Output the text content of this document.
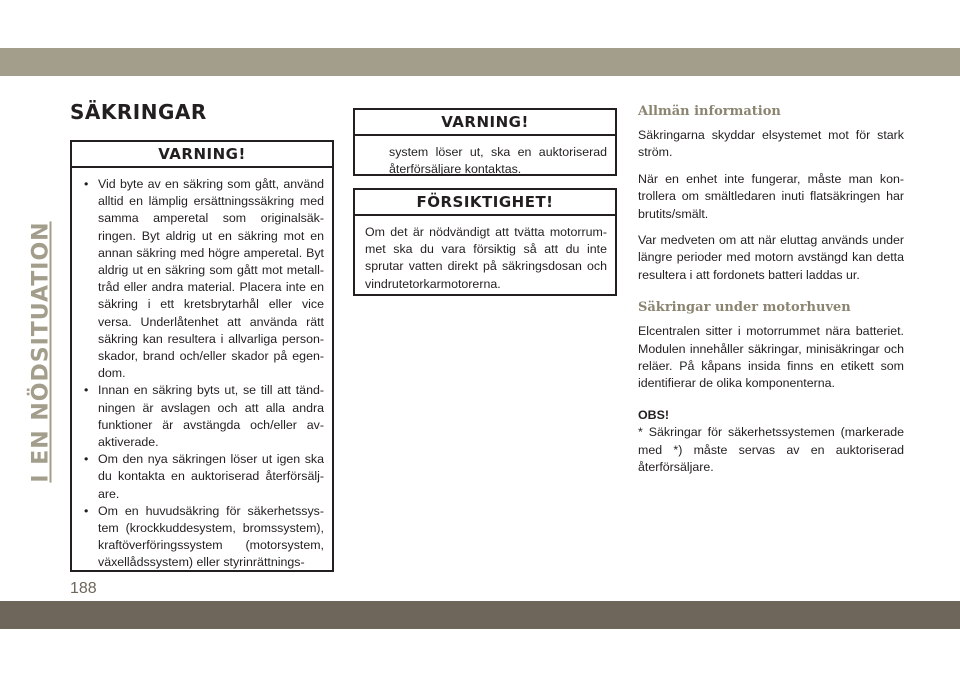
I EN NÖDSITUATION
SÄKRINGAR
VARNING!
• Vid byte av en säkring som gått, använd alltid en lämplig ersättningssäkring med samma amperetal som originalsäkringen. Byt aldrig ut en säkring mot en annan säkring med högre amperetal. Byt aldrig ut en säkring som gått mot metalltråd eller andra material. Placera inte en säkring i ett kretsbrytarhål eller vice versa. Underlåtenhet att använda rätt säkring kan resultera i allvarliga personskador, brand och/eller skador på egendom.
• Innan en säkring byts ut, se till att tändningen är avslagen och att alla andra funktioner är avstängda och/eller avaktiverade.
• Om den nya säkringen löser ut igen ska du kontakta en auktoriserad återförsäljare.
• Om en huvudsäkring för säkerhetssystem (krockkuddesystem, bromssystem), kraftöverföringssystem (motorsystem, växellådssystem) eller styrinrättnings-
VARNING!

system löser ut, ska en auktoriserad återförsäljare kontaktas.

FÖRSIKTIGHET!

Om det är nödvändigt att tvätta motorrummet ska du vara försiktig så att du inte sprutar vatten direkt på säkringsdosan och vindrutetorkarmotorerna.

Allmän information

Säkringarna skyddar elsystemet mot för stark ström.

När en enhet inte fungerar, måste man kontrollera om smältledaren inuti flatsäkringen har brutits/smält.

Var medveten om att när eluttag används under längre perioder med motorn avstängd kan detta resultera i att fordonets batteri laddas ur.

Säkringar under motorhuven

Elcentralen sitter i motorrummet nära batteriet. Modulen innehåller säkringar, minisäkringar och reläer. På kåpans insida finns en etikett som identifierar de olika komponenterna.

OBS!

* Säkringar för säkerhetssystemen (markerade med *) måste servas av en auktoriserad återförsäljare.

188
